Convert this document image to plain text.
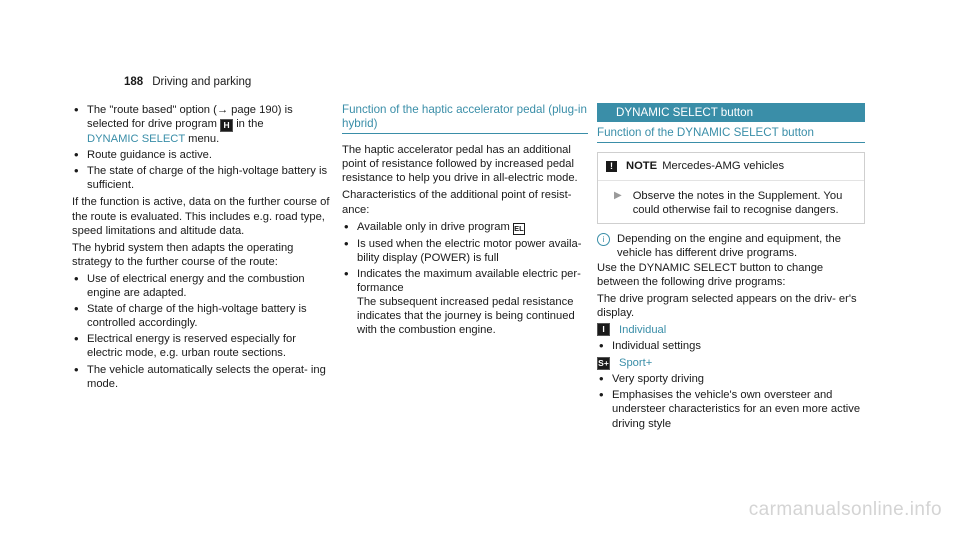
188 Driving and parking
• The "route based" option (→ page 190) is selected for drive program H in the
DYNAMIC SELECT menu.
• Route guidance is active.
• The state of charge of the high-voltage battery is sufficient.

If the function is active, data on the further course of the route is evaluated. This includes e.g. road type, speed limitations and altitude data.

The hybrid system then adapts the operating strategy to the further course of the route:

• Use of electrical energy and the combustion engine are adapted.
• State of charge of the high-voltage battery is controlled accordingly.
• Electrical energy is reserved especially for electric mode, e.g. urban route sections.
• The vehicle automatically selects the operat- ing mode.
Function of the haptic accelerator pedal (plug-in hybrid)

The haptic accelerator pedal has an additional point of resistance followed by increased pedal resistance to help you drive in all-electric mode.

Characteristics of the additional point of resist- ance:

• Available only in drive program EL
• Is used when the electric motor power availa- bility display (POWER) is full
• Indicates the maximum available electric per- formance
The subsequent increased pedal resistance indicates that the journey is being continued with the combustion engine.
DYNAMIC SELECT button
Function of the DYNAMIC SELECT button
!	NOTE Mercedes-AMG vehicles
▶ Observe the notes in the Supplement. You could otherwise fail to recognise dangers.
i	Depending on the engine and equipment, the vehicle has different drive programs.

Use the DYNAMIC SELECT button to change between the following drive programs:

The drive program selected appears on the driv- er's display.

I	Individual
• Individual settings
S+ Sport+
• Very sporty driving
• Emphasises the vehicle's own oversteer and understeer characteristics for an even more active driving style
carmanualsonline.info
